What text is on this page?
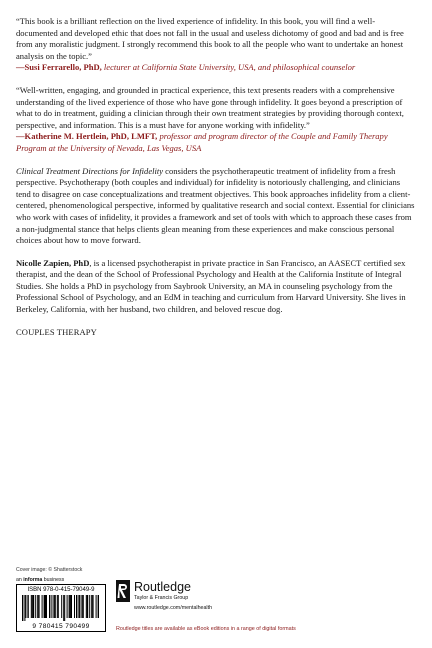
“This book is a brilliant reflection on the lived experience of infidelity. In this book, you will find a well-documented and developed ethic that does not fall in the usual and useless dichotomy of good and bad and is free from any moralistic judgment. I strongly recommend this book to all the people who want to undertake an honest analysis on the topic.”

—Susi Ferrarello, PhD, lecturer at California State University, USA, and philosophical counselor

“Well-written, engaging, and grounded in practical experience, this text presents readers with a comprehensive understanding of the lived experience of those who have gone through infidelity. It goes beyond a prescription of what to do in treatment, guiding a clinician through their own treatment strategies by providing thorough context, perspective, and information. This is a must have for anyone working with infidelity.”

—Katherine M. Hertlein, PhD, LMFT, professor and program director of the Couple and Family Therapy Program at the University of Nevada, Las Vegas, USA

Clinical Treatment Directions for Infidelity considers the psychotherapeutic treatment of infidelity from a fresh perspective. Psychotherapy (both couples and individual) for infidelity is notoriously challenging, and clinicians tend to disagree on case conceptualizations and treatment objectives. This book approaches infidelity from a client-centered, phenomenological perspective, informed by qualitative research and social context. Essential for clinicians who work with cases of infidelity, it provides a framework and set of tools with which to approach these cases from a non-judgmental stance that helps clients glean meaning from these experiences and make conscious personal choices about how to move forward.

Nicolle Zapien, PhD, is a licensed psychotherapist in private practice in San Francisco, an AASECT certified sex therapist, and the dean of the School of Professional Psychology and Health at the California Institute of Integral Studies. She holds a PhD in psychology from Saybrook University, an MA in counseling psychology from the Professional School of Psychology, and an EdM in teaching and curriculum from Harvard University. She lives in Berkeley, California, with her husband, two children, and beloved rescue dog.

COUPLES THERAPY

Cover image: © Shatterstock
an informa business
ISBN 978-0-415-79049-9
9 780415 790499
Routledge
Taylor & Francis Group
www.routledge.com/mentalhealth
Routledge titles are available as eBook editions in a range of digital formats
